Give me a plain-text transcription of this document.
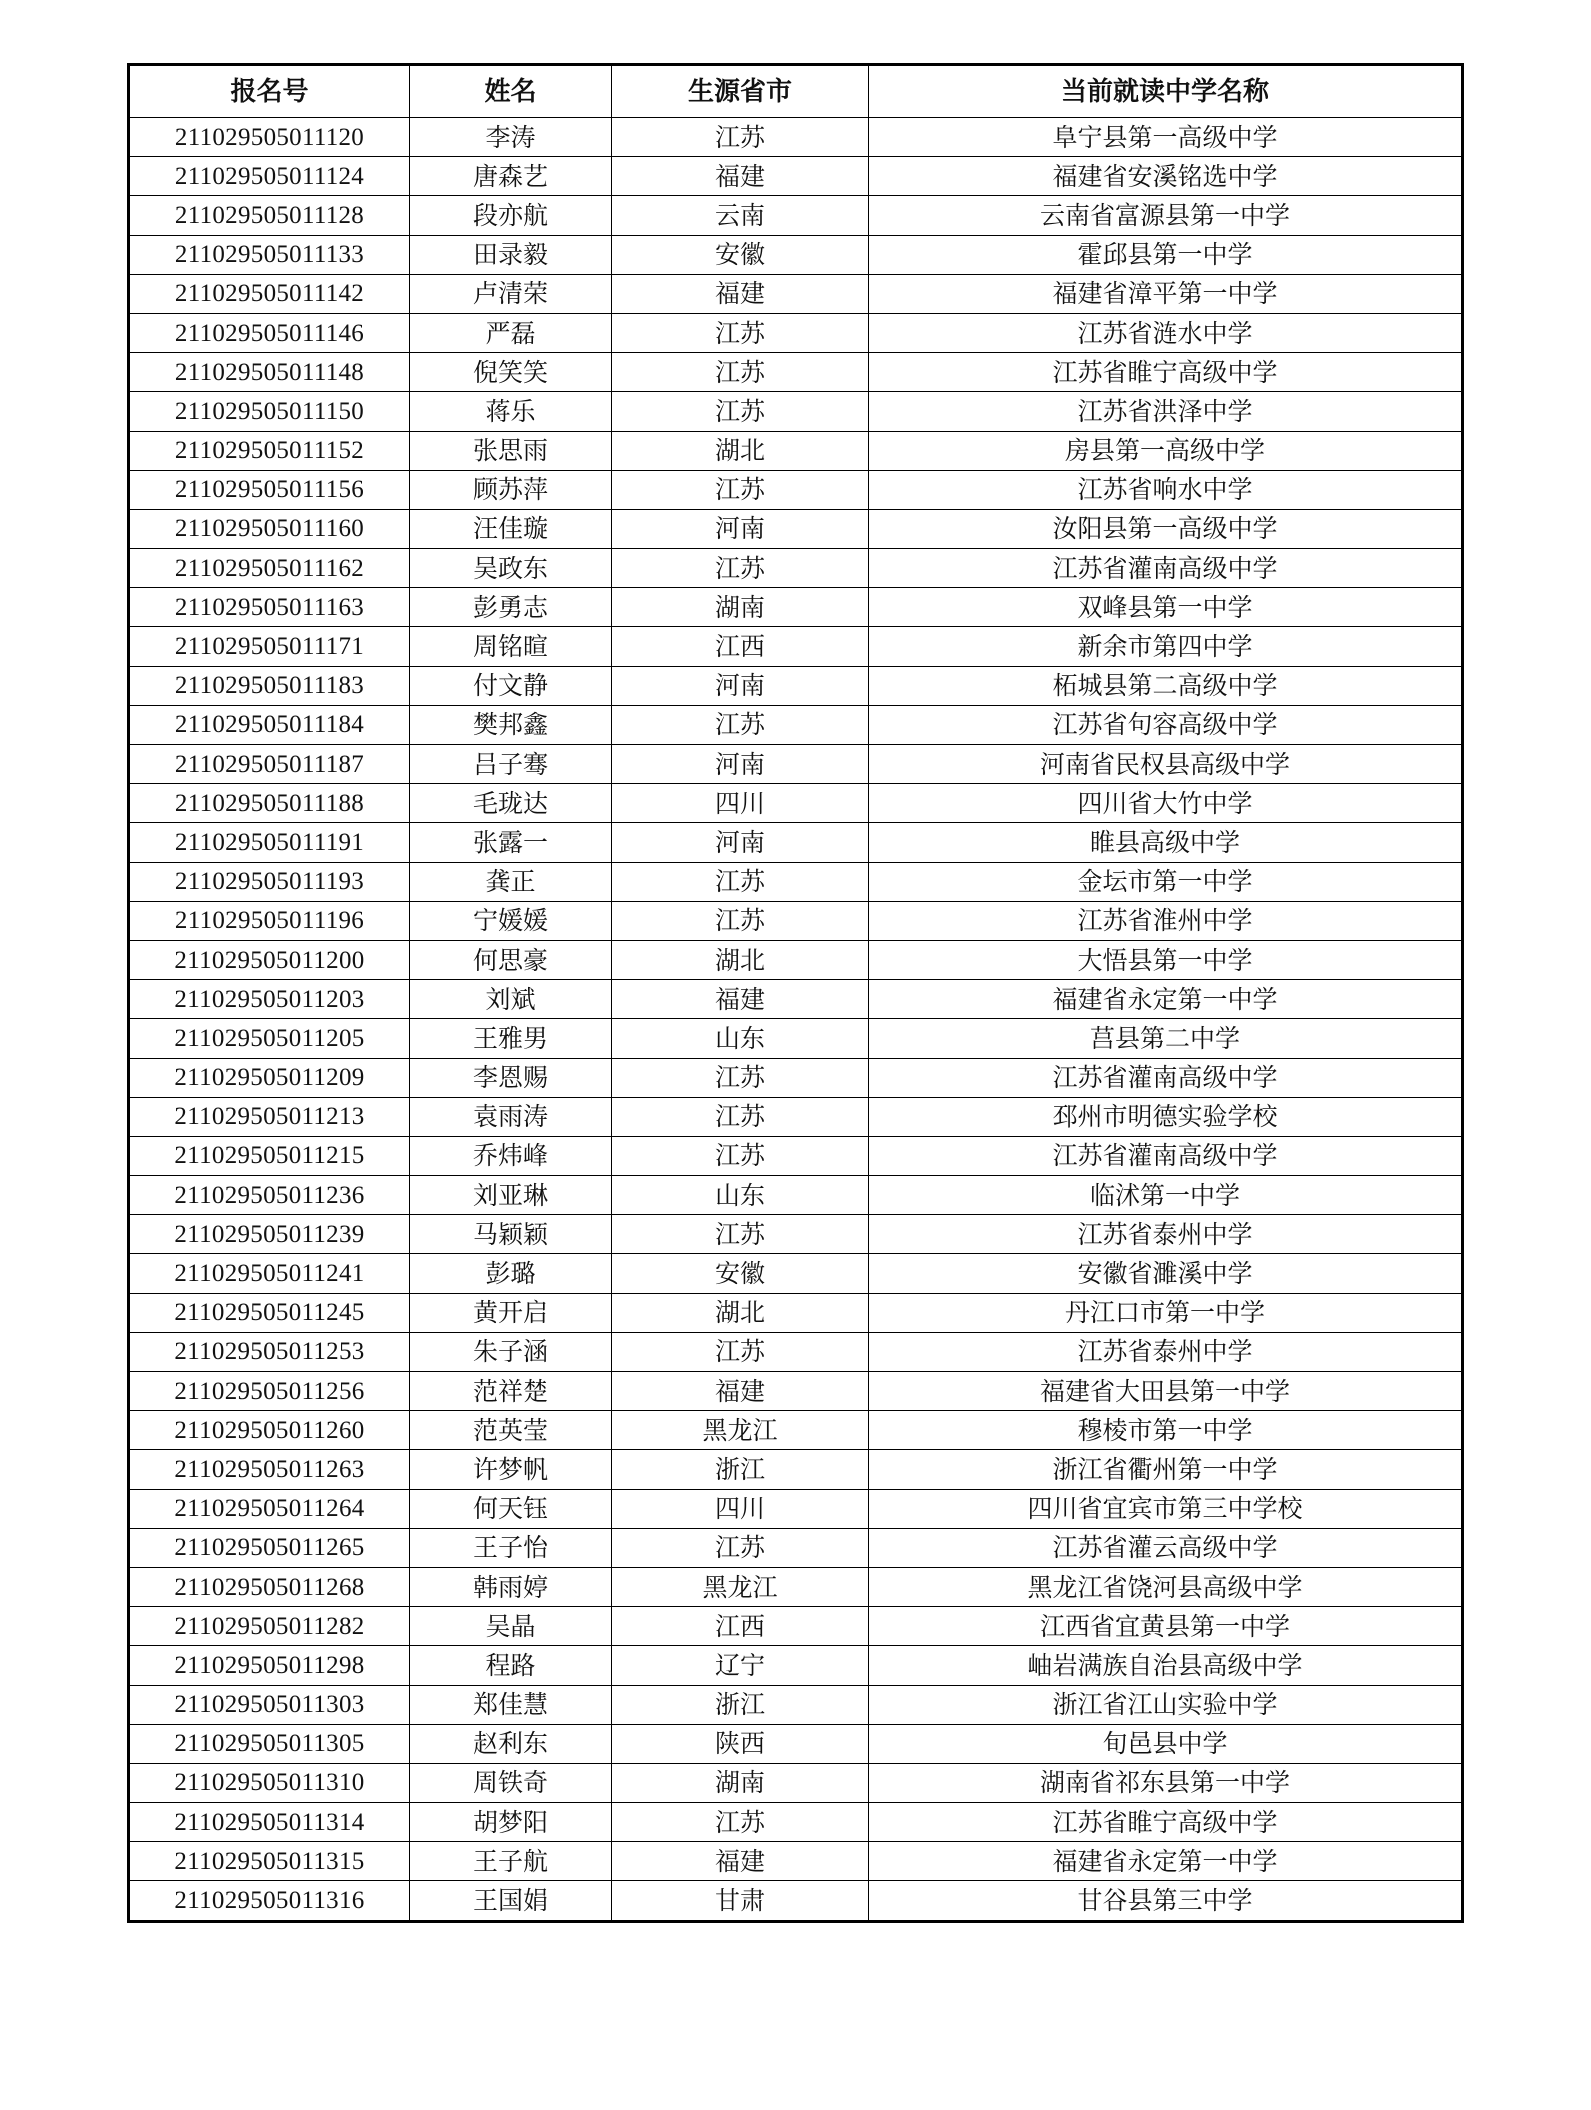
报名号	姓名	生源省市	当前就读中学名称
211029505011120	李涛	江苏	阜宁县第一高级中学
211029505011124	唐森艺	福建	福建省安溪铭选中学
211029505011128	段亦航	云南	云南省富源县第一中学
211029505011133	田录毅	安徽	霍邱县第一中学
211029505011142	卢清荣	福建	福建省漳平第一中学
211029505011146	严磊	江苏	江苏省涟水中学
211029505011148	倪笑笑	江苏	江苏省睢宁高级中学
211029505011150	蒋乐	江苏	江苏省洪泽中学
211029505011152	张思雨	湖北	房县第一高级中学
211029505011156	顾苏萍	江苏	江苏省响水中学
211029505011160	汪佳璇	河南	汝阳县第一高级中学
211029505011162	吴政东	江苏	江苏省灌南高级中学
211029505011163	彭勇志	湖南	双峰县第一中学
211029505011171	周铭暄	江西	新余市第四中学
211029505011183	付文静	河南	柘城县第二高级中学
211029505011184	樊邦鑫	江苏	江苏省句容高级中学
211029505011187	吕子骞	河南	河南省民权县高级中学
211029505011188	毛珑达	四川	四川省大竹中学
211029505011191	张露一	河南	睢县高级中学
211029505011193	龚正	江苏	金坛市第一中学
211029505011196	宁媛媛	江苏	江苏省淮州中学
211029505011200	何思豪	湖北	大悟县第一中学
211029505011203	刘斌	福建	福建省永定第一中学
211029505011205	王雅男	山东	莒县第二中学
211029505011209	李恩赐	江苏	江苏省灌南高级中学
211029505011213	袁雨涛	江苏	邳州市明德实验学校
211029505011215	乔炜峰	江苏	江苏省灌南高级中学
211029505011236	刘亚琳	山东	临沭第一中学
211029505011239	马颖颖	江苏	江苏省泰州中学
211029505011241	彭璐	安徽	安徽省濉溪中学
211029505011245	黄开启	湖北	丹江口市第一中学
211029505011253	朱子涵	江苏	江苏省泰州中学
211029505011256	范祥楚	福建	福建省大田县第一中学
211029505011260	范英莹	黑龙江	穆棱市第一中学
211029505011263	许梦帆	浙江	浙江省衢州第一中学
211029505011264	何天钰	四川	四川省宜宾市第三中学校
211029505011265	王子怡	江苏	江苏省灌云高级中学
211029505011268	韩雨婷	黑龙江	黑龙江省饶河县高级中学
211029505011282	吴晶	江西	江西省宜黄县第一中学
211029505011298	程路	辽宁	岫岩满族自治县高级中学
211029505011303	郑佳慧	浙江	浙江省江山实验中学
211029505011305	赵利东	陕西	旬邑县中学
211029505011310	周铁奇	湖南	湖南省祁东县第一中学
211029505011314	胡梦阳	江苏	江苏省睢宁高级中学
211029505011315	王子航	福建	福建省永定第一中学
211029505011316	王国娟	甘肃	甘谷县第三中学
